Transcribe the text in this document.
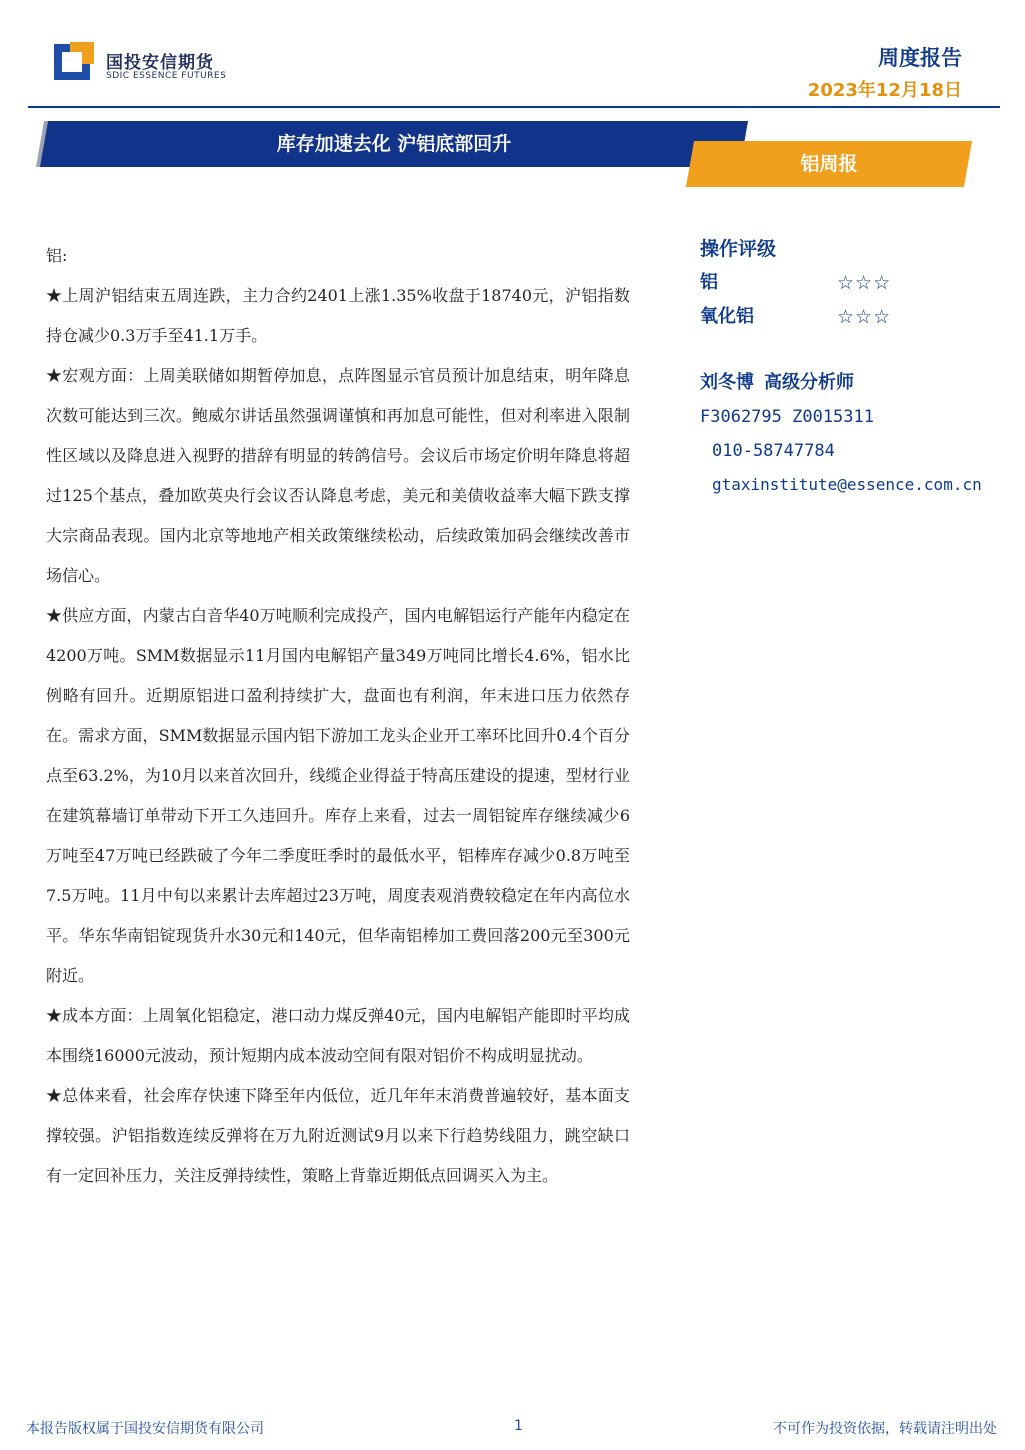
国投安信期货
SDIC ESSENCE FUTURES
周度报告
2023年12月18日
库存加速去化 沪铝底部回升
铝周报

铝:

★上周沪铝结束五周连跌，主力合约2401上涨1.35%收盘于18740元，沪铝指数持仓减少0.3万手至41.1万手。

★宏观方面：上周美联储如期暂停加息，点阵图显示官员预计加息结束，明年降息次数可能达到三次。鲍威尔讲话虽然强调谨慎和再加息可能性，但对利率进入限制性区域以及降息进入视野的措辞有明显的转鸽信号。会议后市场定价明年降息将超过125个基点，叠加欧英央行会议否认降息考虑，美元和美债收益率大幅下跌支撑大宗商品表现。国内北京等地地产相关政策继续松动，后续政策加码会继续改善市场信心。

★供应方面，内蒙古白音华40万吨顺利完成投产，国内电解铝运行产能年内稳定在4200万吨。SMM数据显示11月国内电解铝产量349万吨同比增长4.6%，铝水比例略有回升。近期原铝进口盈利持续扩大，盘面也有利润，年末进口压力依然存在。需求方面，SMM数据显示国内铝下游加工龙头企业开工率环比回升0.4个百分点至63.2%，为10月以来首次回升，线缆企业得益于特高压建设的提速，型材行业在建筑幕墙订单带动下开工久违回升。库存上来看，过去一周铝锭库存继续减少6万吨至47万吨已经跌破了今年二季度旺季时的最低水平，铝棒库存减少0.8万吨至7.5万吨。11月中旬以来累计去库超过23万吨，周度表观消费较稳定在年内高位水平。华东华南铝锭现货升水30元和140元，但华南铝棒加工费回落200元至300元附近。

★成本方面：上周氧化铝稳定，港口动力煤反弹40元，国内电解铝产能即时平均成本围绕16000元波动，预计短期内成本波动空间有限对铝价不构成明显扰动。

★总体来看，社会库存快速下降至年内低位，近几年年末消费普遍较好，基本面支撑较强。沪铝指数连续反弹将在万九附近测试9月以来下行趋势线阻力，跳空缺口有一定回补压力，关注反弹持续性，策略上背靠近期低点回调买入为主。

操作评级
铝	☆☆☆
氧化铝	☆☆☆
刘冬博 高级分析师
F3062795 Z0015311
010-58747784
gtaxinstitute@essence.com.cn
本报告版权属于国投安信期货有限公司	1	不可作为投资依据，转载请注明出处
